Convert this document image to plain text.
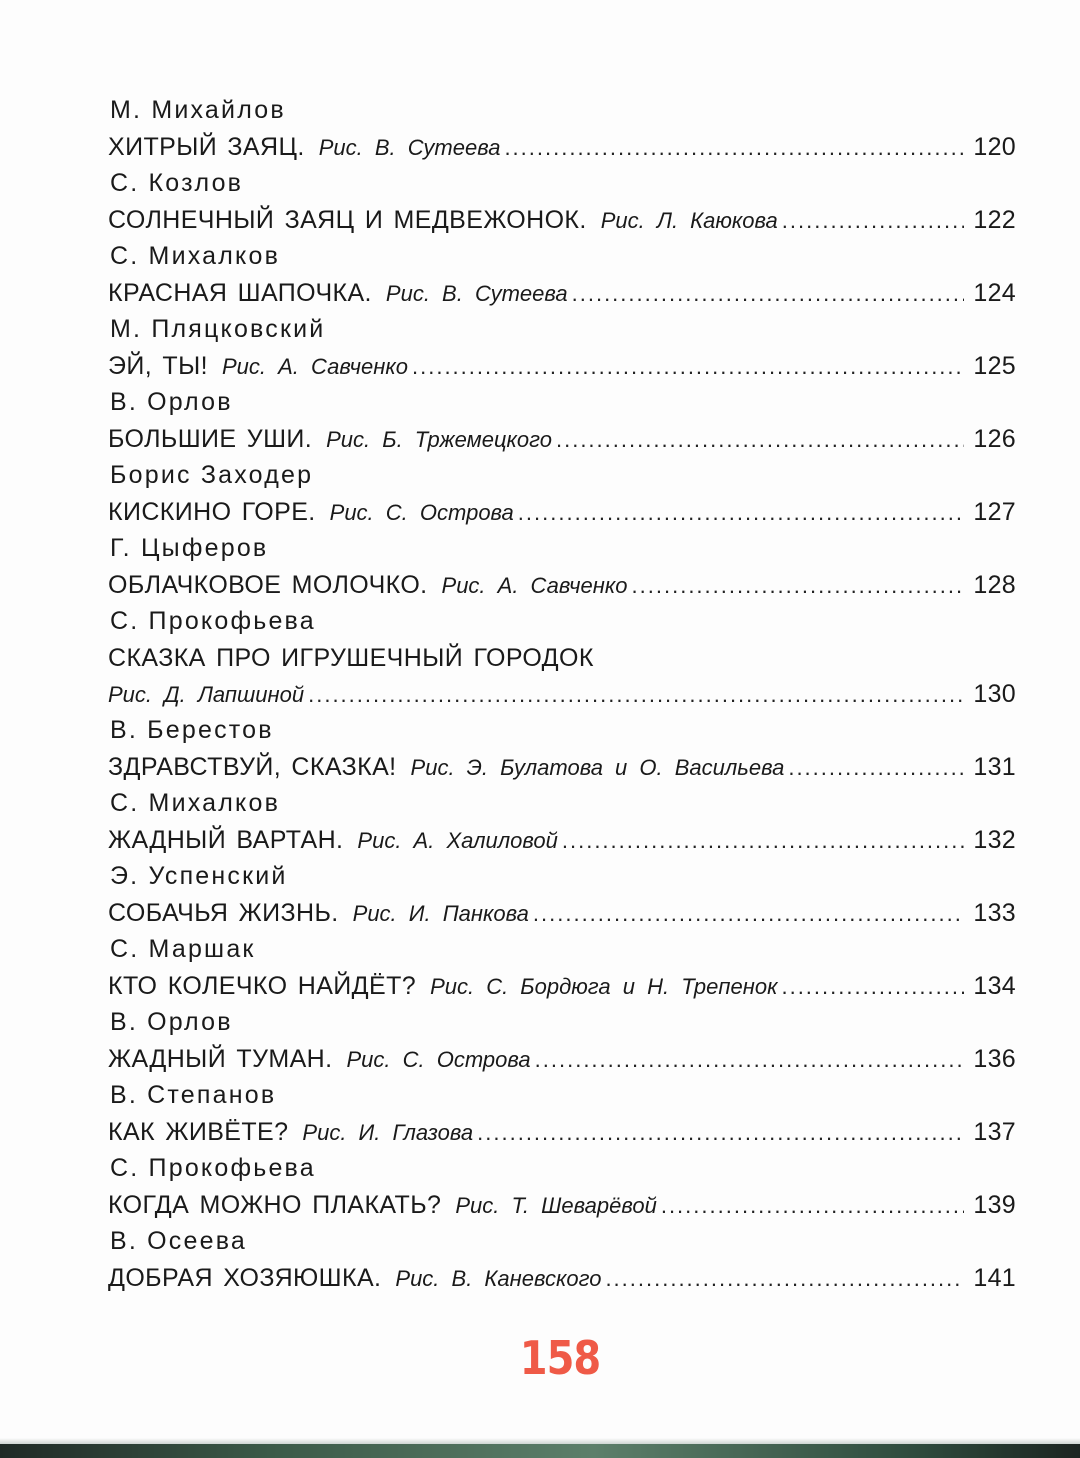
М. Михайлов
ХИТРЫЙ ЗАЯЦ. Рис. В. Сутеева .....	120
С. Козлов
СОЛНЕЧНЫЙ ЗАЯЦ И МЕДВЕЖОНОК. Рис. Л. Каюкова .....	122
С. Михалков
КРАСНАЯ ШАПОЧКА. Рис. В. Сутеева .....	124
М. Пляцковский
ЭЙ, ТЫ! Рис. А. Савченко .....	125
В. Орлов
БОЛЬШИЕ УШИ. Рис. Б. Тржемецкого .....	126
Борис Заходер
КИСКИНО ГОРЕ. Рис. С. Острова .....	127
Г. Цыферов
ОБЛАЧКОВОЕ МОЛОЧКО. Рис. А. Савченко .....	128
С. Прокофьева
СКАЗКА ПРО ИГРУШЕЧНЫЙ ГОРОДОК
Рис. Д. Лапшиной .....	130
В. Берестов
ЗДРАВСТВУЙ, СКАЗКА! Рис. Э. Булатова и О. Васильева .....	131
С. Михалков
ЖАДНЫЙ ВАРТАН. Рис. А. Халиловой .....	132
Э. Успенский
СОБАЧЬЯ ЖИЗНЬ. Рис. И. Панкова .....	133
С. Маршак
КТО КОЛЕЧКО НАЙДЁТ? Рис. С. Бордюга и Н. Трепенок .....	134
В. Орлов
ЖАДНЫЙ ТУМАН. Рис. С. Острова .....	136
В. Степанов
КАК ЖИВЁТЕ? Рис. И. Глазова .....	137
С. Прокофьева
КОГДА МОЖНО ПЛАКАТЬ? Рис. Т. Шеварёвой .....	139
В. Осеева
ДОБРАЯ ХОЗЯЮШКА. Рис. В. Каневского .....	141
158
